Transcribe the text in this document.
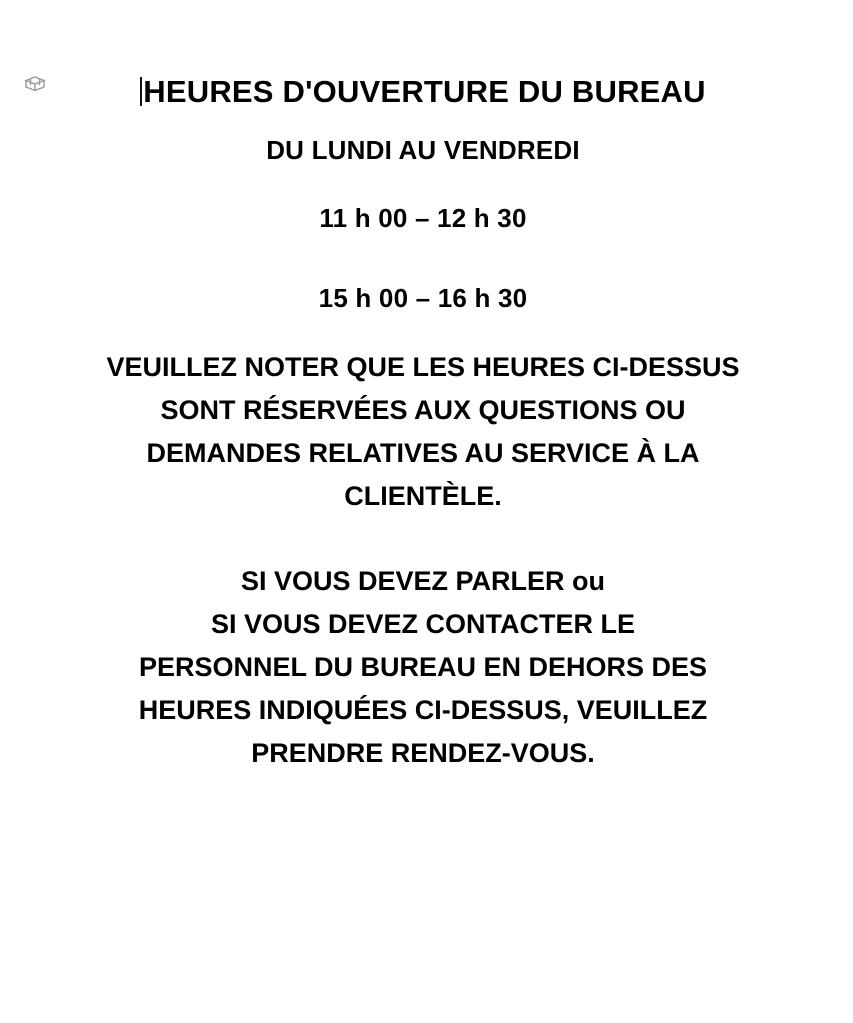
HEURES D'OUVERTURE DU BUREAU

DU LUNDI AU VENDREDI

11 h 00 – 12 h 30

15 h 00 – 16 h 30

VEUILLEZ NOTER QUE LES HEURES CI-DESSUS
SONT RÉSERVÉES AUX QUESTIONS OU
DEMANDES RELATIVES AU SERVICE À LA
CLIENTÈLE.

SI VOUS DEVEZ PARLER ou
SI VOUS DEVEZ CONTACTER LE
PERSONNEL DU BUREAU EN DEHORS DES
HEURES INDIQUÉES CI-DESSUS, VEUILLEZ
PRENDRE RENDEZ-VOUS.
